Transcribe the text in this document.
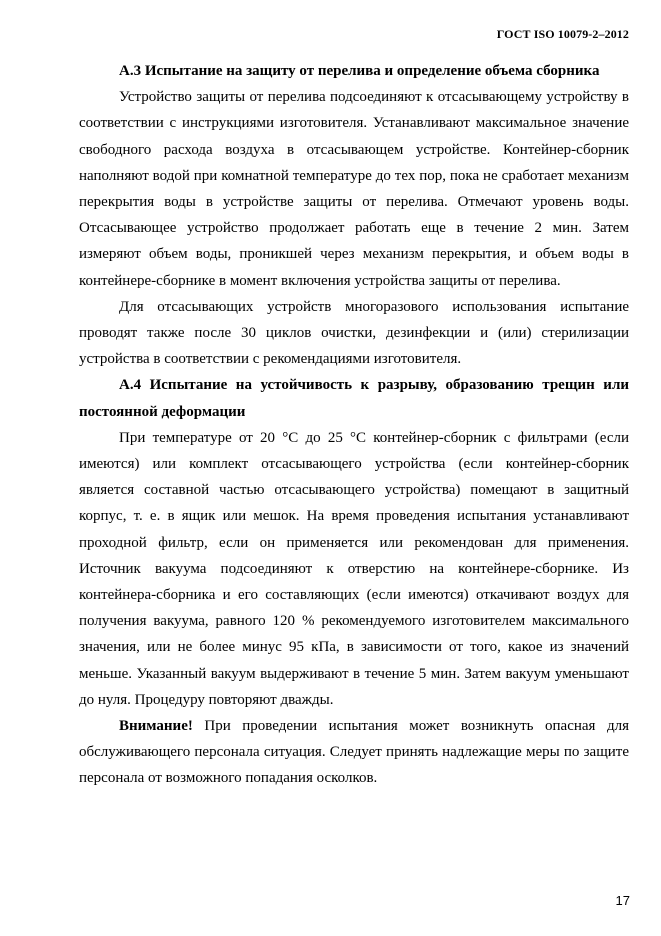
ГОСТ ISO 10079-2–2012

А.3 Испытание на защиту от перелива и определение объема сборника

Устройство защиты от перелива подсоединяют к отсасывающему устройству в соответствии с инструкциями изготовителя. Устанавливают максимальное значение свободного расхода воздуха в отсасывающем устройстве. Контейнер-сборник наполняют водой при комнатной температуре до тех пор, пока не сработает механизм перекрытия воды в устройстве защиты от перелива. Отмечают уровень воды. Отсасывающее устройство продолжает работать еще в течение 2 мин. Затем измеряют объем воды, проникшей через механизм перекрытия, и объем воды в контейнере-сборнике в момент включения устройства защиты от перелива.

Для отсасывающих устройств многоразового использования испытание проводят также после 30 циклов очистки, дезинфекции и (или) стерилизации устройства в соответствии с рекомендациями изготовителя.

А.4 Испытание на устойчивость к разрыву, образованию трещин или постоянной деформации

При температуре от 20 °C до 25 °C контейнер-сборник с фильтрами (если имеются) или комплект отсасывающего устройства (если контейнер-сборник является составной частью отсасывающего устройства) помещают в защитный корпус, т. е. в ящик или мешок. На время проведения испытания устанавливают проходной фильтр, если он применяется или рекомендован для применения. Источник вакуума подсоединяют к отверстию на контейнере-сборнике. Из контейнера-сборника и его составляющих (если имеются) откачивают воздух для получения вакуума, равного 120 % рекомендуемого изготовителем максимального значения, или не более минус 95 кПа, в зависимости от того, какое из значений меньше. Указанный вакуум выдерживают в течение 5 мин. Затем вакуум уменьшают до нуля. Процедуру повторяют дважды.

Внимание! При проведении испытания может возникнуть опасная для обслуживающего персонала ситуация. Следует принять надлежащие меры по защите персонала от возможного попадания осколков.

17
